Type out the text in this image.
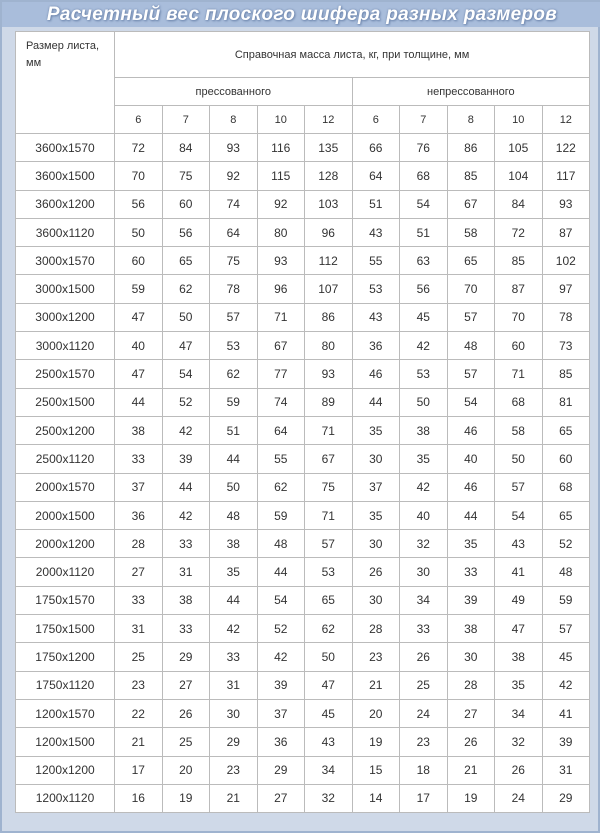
Расчетный вес плоского шифера разных размеров
Размер листа, мм	Справочная масса листа, кг, при толщине, мм									
	прессованного					непрессованного				
	6	7	8	10	12	6	7	8	10	12
3600x1570	72	84	93	116	135	66	76	86	105	122
3600x1500	70	75	92	115	128	64	68	85	104	117
3600x1200	56	60	74	92	103	51	54	67	84	93
3600x1120	50	56	64	80	96	43	51	58	72	87
3000x1570	60	65	75	93	112	55	63	65	85	102
3000x1500	59	62	78	96	107	53	56	70	87	97
3000x1200	47	50	57	71	86	43	45	57	70	78
3000x1120	40	47	53	67	80	36	42	48	60	73
2500x1570	47	54	62	77	93	46	53	57	71	85
2500x1500	44	52	59	74	89	44	50	54	68	81
2500x1200	38	42	51	64	71	35	38	46	58	65
2500x1120	33	39	44	55	67	30	35	40	50	60
2000x1570	37	44	50	62	75	37	42	46	57	68
2000x1500	36	42	48	59	71	35	40	44	54	65
2000x1200	28	33	38	48	57	30	32	35	43	52
2000x1120	27	31	35	44	53	26	30	33	41	48
1750x1570	33	38	44	54	65	30	34	39	49	59
1750x1500	31	33	42	52	62	28	33	38	47	57
1750x1200	25	29	33	42	50	23	26	30	38	45
1750x1120	23	27	31	39	47	21	25	28	35	42
1200x1570	22	26	30	37	45	20	24	27	34	41
1200x1500	21	25	29	36	43	19	23	26	32	39
1200x1200	17	20	23	29	34	15	18	21	26	31
1200x1120	16	19	21	27	32	14	17	19	24	29
